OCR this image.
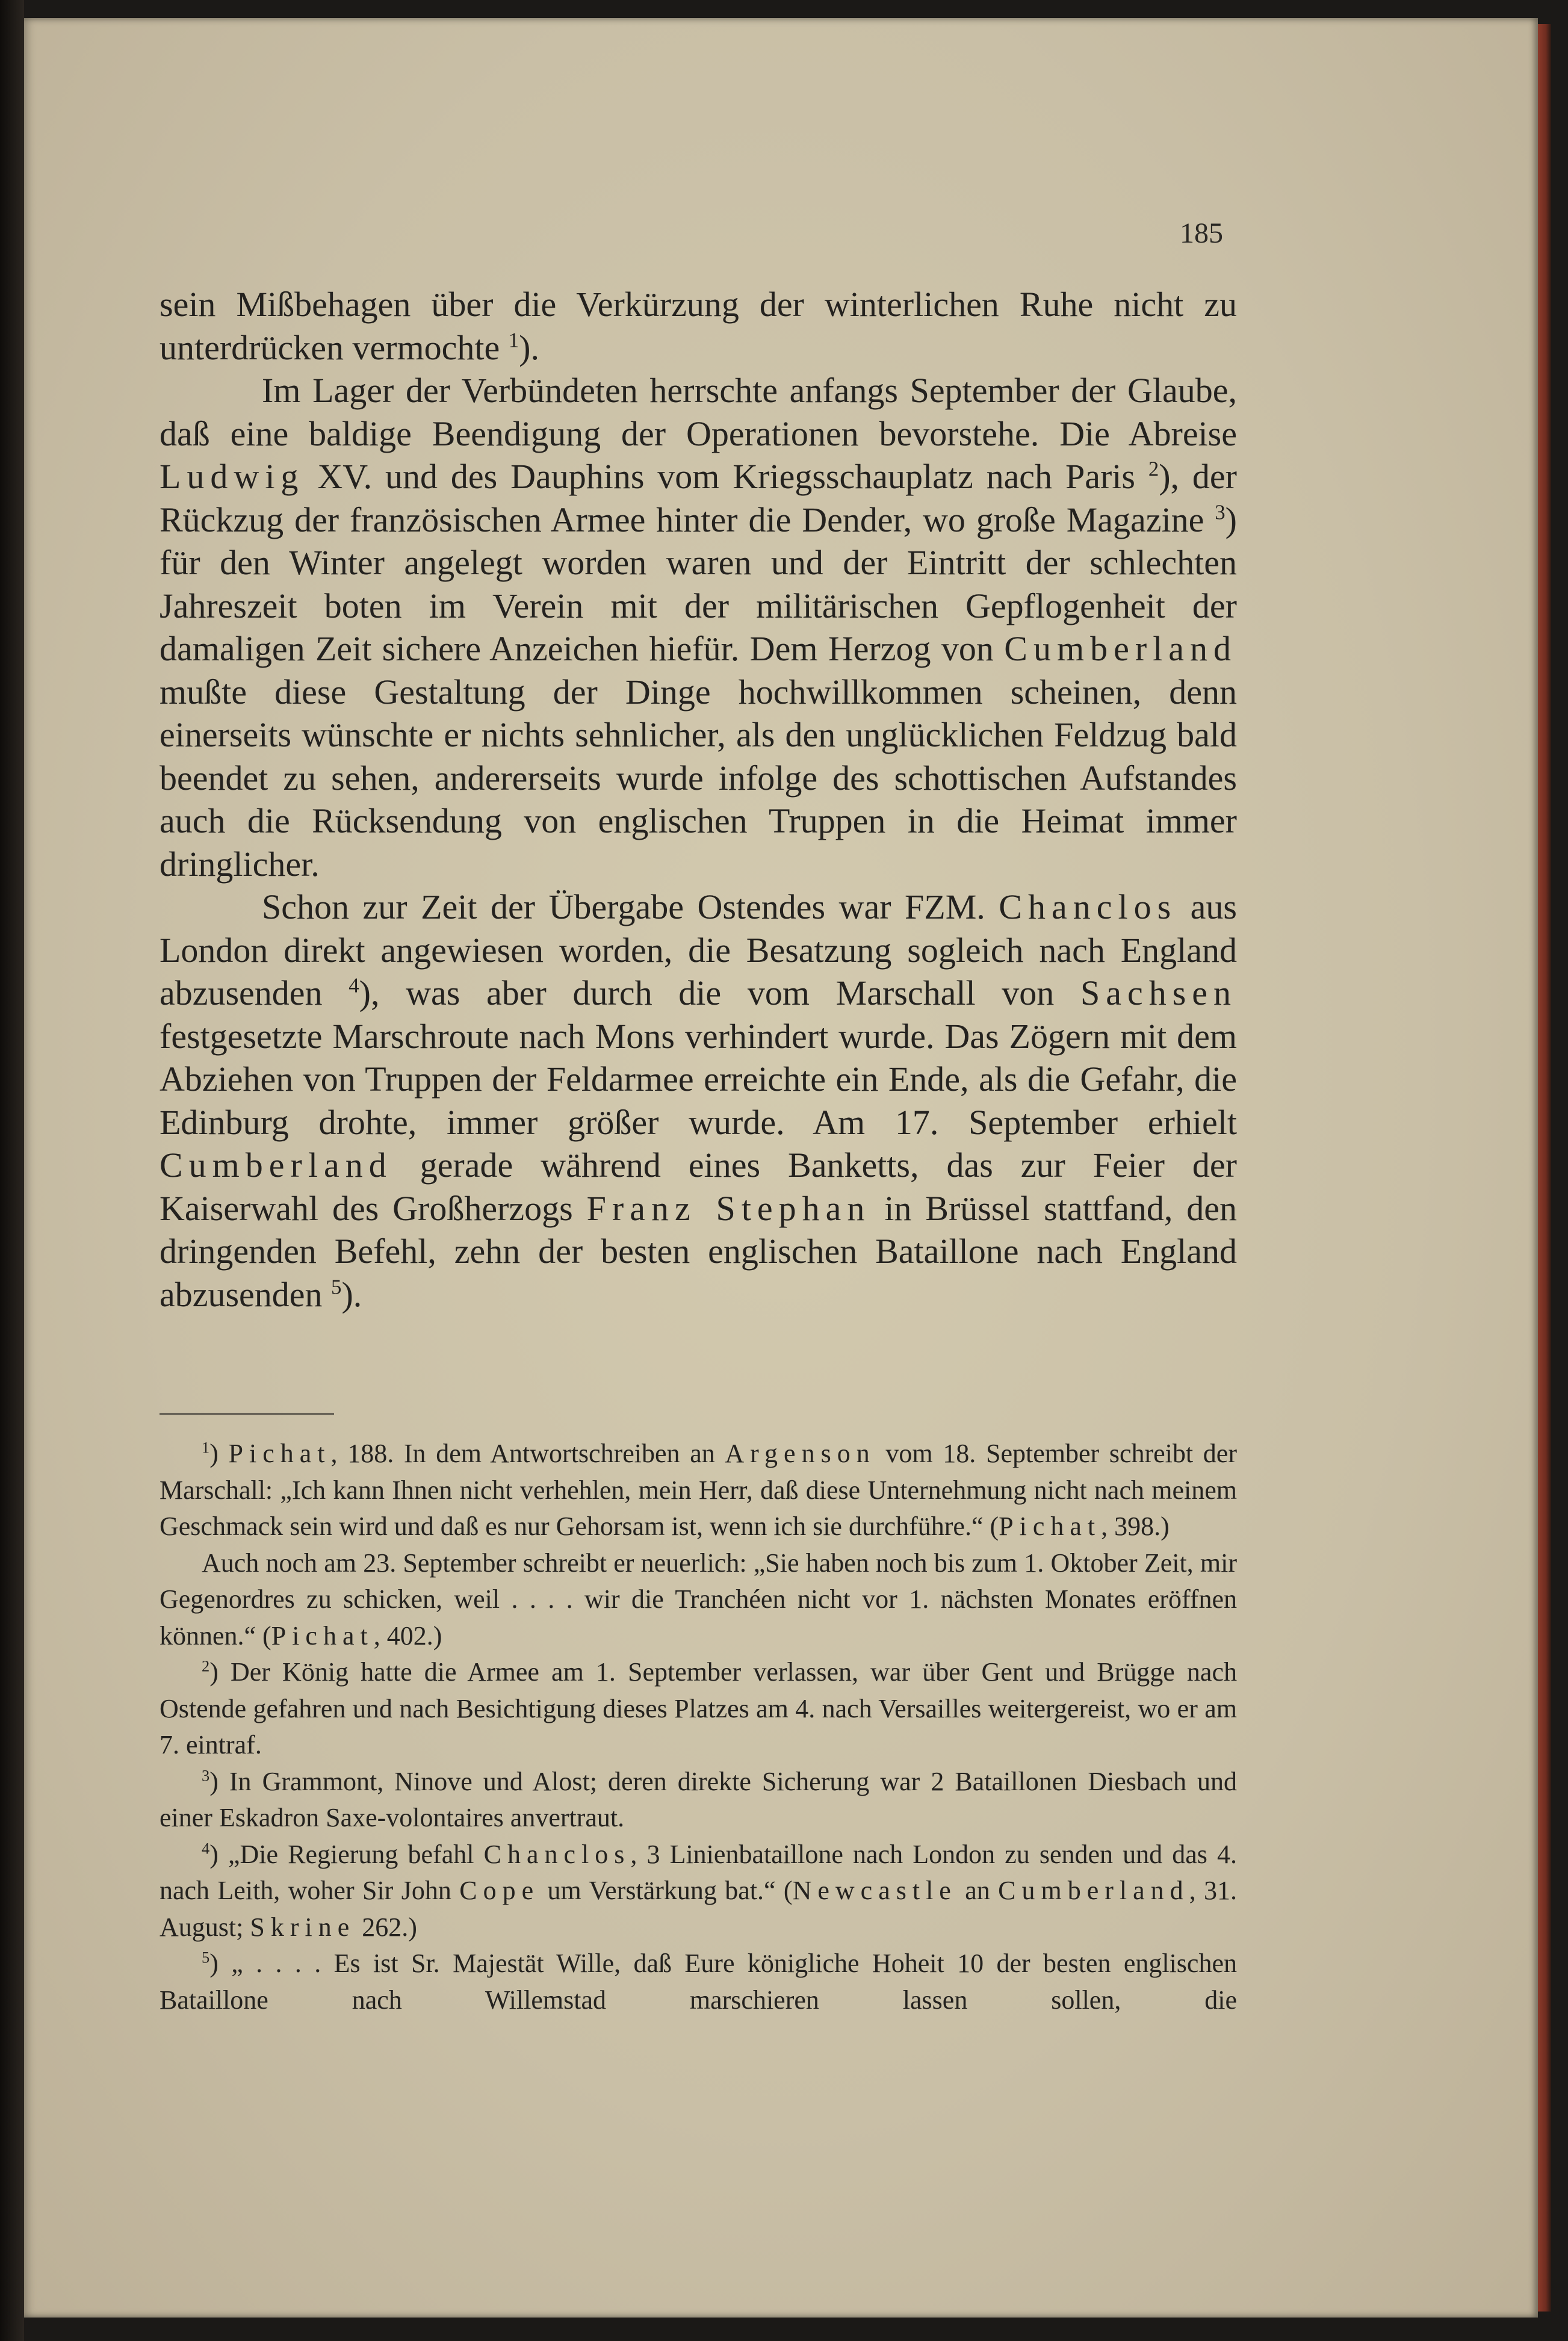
185

sein Mißbehagen über die Verkürzung der winterlichen Ruhe nicht zu unterdrücken vermochte $^1$).

Im Lager der Verbündeten herrschte anfangs September der Glaube, daß eine baldige Beendigung der Operationen bevorstehe. Die Abreise Ludwig XV. und des Dauphins vom Kriegsschauplatz nach Paris $^2$), der Rückzug der französischen Armee hinter die Dender, wo große Magazine $^3$) für den Winter angelegt worden waren und der Eintritt der schlechten Jahreszeit boten im Verein mit der militärischen Gepflogenheit der damaligen Zeit sichere Anzeichen hiefür. Dem Herzog von Cumberland mußte diese Gestaltung der Dinge hochwillkommen scheinen, denn einerseits wünschte er nichts sehnlicher, als den unglücklichen Feldzug bald beendet zu sehen, andererseits wurde infolge des schottischen Aufstandes auch die Rücksendung von englischen Truppen in die Heimat immer dringlicher.

Schon zur Zeit der Übergabe Ostendes war FZM. Chanclos aus London direkt angewiesen worden, die Besatzung sogleich nach England abzusenden $^4$), was aber durch die vom Marschall von Sachsen festgesetzte Marschroute nach Mons verhindert wurde. Das Zögern mit dem Abziehen von Truppen der Feldarmee erreichte ein Ende, als die Gefahr, die Edinburg drohte, immer größer wurde. Am 17. September erhielt Cumberland gerade während eines Banketts, das zur Feier der Kaiserwahl des Großherzogs Franz Stephan in Brüssel stattfand, den dringenden Befehl, zehn der besten englischen Bataillone nach England abzusenden $^5$).

$^1$) Pichat, 188. In dem Antwortschreiben an Argenson vom 18. September schreibt der Marschall: „Ich kann Ihnen nicht verhehlen, mein Herr, daß diese Unternehmung nicht nach meinem Geschmack sein wird und daß es nur Gehorsam ist, wenn ich sie durchführe.“ (Pichat, 398.)

Auch noch am 23. September schreibt er neuerlich: „Sie haben noch bis zum 1. Oktober Zeit, mir Gegenordres zu schicken, weil . . . . wir die Tranchéen nicht vor 1. nächsten Monates eröffnen können.“ (Pichat, 402.)

$^2$) Der König hatte die Armee am 1. September verlassen, war über Gent und Brügge nach Ostende gefahren und nach Besichtigung dieses Platzes am 4. nach Versailles weitergereist, wo er am 7. eintraf.

$^3$) In Grammont, Ninove und Alost; deren direkte Sicherung war 2 Bataillonen Diesbach und einer Eskadron Saxe-volontaires anvertraut.

$^4$) „Die Regierung befahl Chanclos, 3 Linienbataillone nach London zu senden und das 4. nach Leith, woher Sir John Cope um Verstärkung bat.“ (Newcastle an Cumberland, 31. August; Skrine 262.)

$^5$) „ . . . . Es ist Sr. Majestät Wille, daß Eure königliche Hoheit 10 der besten englischen Bataillone nach Willemstad marschieren lassen sollen, die
